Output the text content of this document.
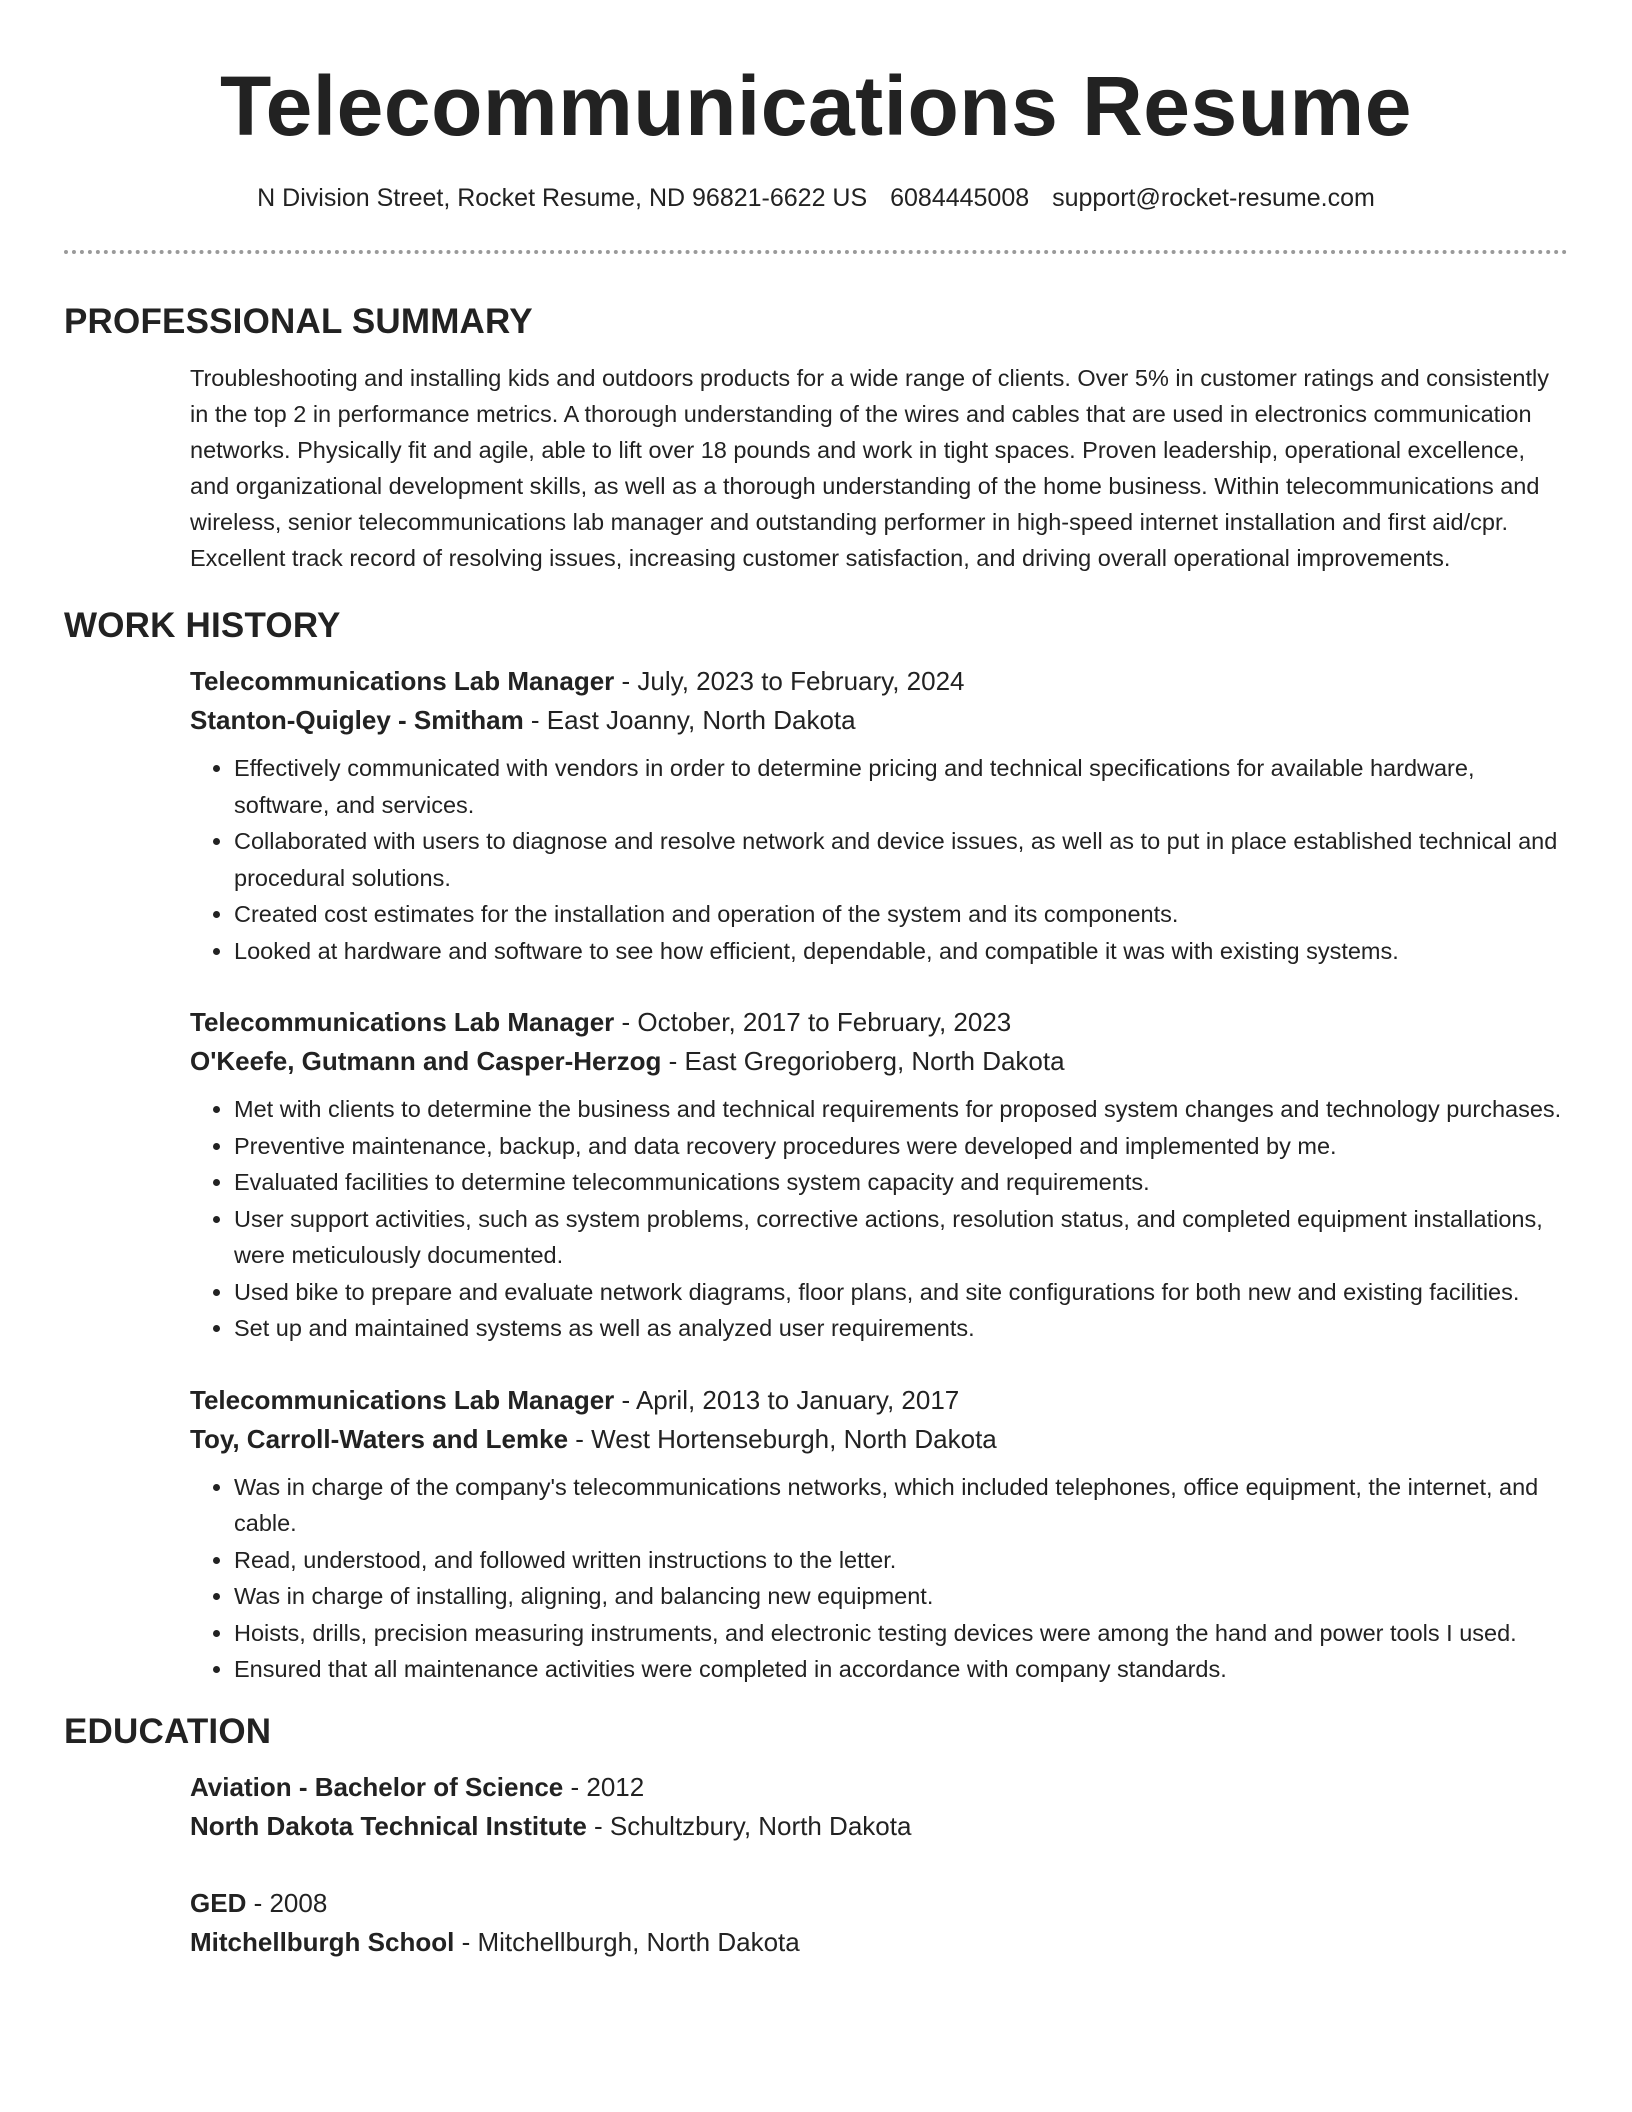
Telecommunications Resume
N Division Street, Rocket Resume, ND 96821-6622 US 6084445008 support@rocket-resume.com
PROFESSIONAL SUMMARY
Troubleshooting and installing kids and outdoors products for a wide range of clients. Over 5% in customer ratings and consistently in the top 2 in performance metrics. A thorough understanding of the wires and cables that are used in electronics communication networks. Physically fit and agile, able to lift over 18 pounds and work in tight spaces. Proven leadership, operational excellence, and organizational development skills, as well as a thorough understanding of the home business. Within telecommunications and wireless, senior telecommunications lab manager and outstanding performer in high-speed internet installation and first aid/cpr. Excellent track record of resolving issues, increasing customer satisfaction, and driving overall operational improvements.
WORK HISTORY
Telecommunications Lab Manager - July, 2023 to February, 2024
Stanton-Quigley - Smitham - East Joanny, North Dakota
• Effectively communicated with vendors in order to determine pricing and technical specifications for available hardware, software, and services.
• Collaborated with users to diagnose and resolve network and device issues, as well as to put in place established technical and procedural solutions.
• Created cost estimates for the installation and operation of the system and its components.
• Looked at hardware and software to see how efficient, dependable, and compatible it was with existing systems.
Telecommunications Lab Manager - October, 2017 to February, 2023
O'Keefe, Gutmann and Casper-Herzog - East Gregorioberg, North Dakota
• Met with clients to determine the business and technical requirements for proposed system changes and technology purchases.
• Preventive maintenance, backup, and data recovery procedures were developed and implemented by me.
• Evaluated facilities to determine telecommunications system capacity and requirements.
• User support activities, such as system problems, corrective actions, resolution status, and completed equipment installations, were meticulously documented.
• Used bike to prepare and evaluate network diagrams, floor plans, and site configurations for both new and existing facilities.
• Set up and maintained systems as well as analyzed user requirements.
Telecommunications Lab Manager - April, 2013 to January, 2017
Toy, Carroll-Waters and Lemke - West Hortenseburgh, North Dakota
• Was in charge of the company's telecommunications networks, which included telephones, office equipment, the internet, and cable.
• Read, understood, and followed written instructions to the letter.
• Was in charge of installing, aligning, and balancing new equipment.
• Hoists, drills, precision measuring instruments, and electronic testing devices were among the hand and power tools I used.
• Ensured that all maintenance activities were completed in accordance with company standards.
EDUCATION
Aviation - Bachelor of Science - 2012
North Dakota Technical Institute - Schultzbury, North Dakota
GED - 2008
Mitchellburgh School - Mitchellburgh, North Dakota
